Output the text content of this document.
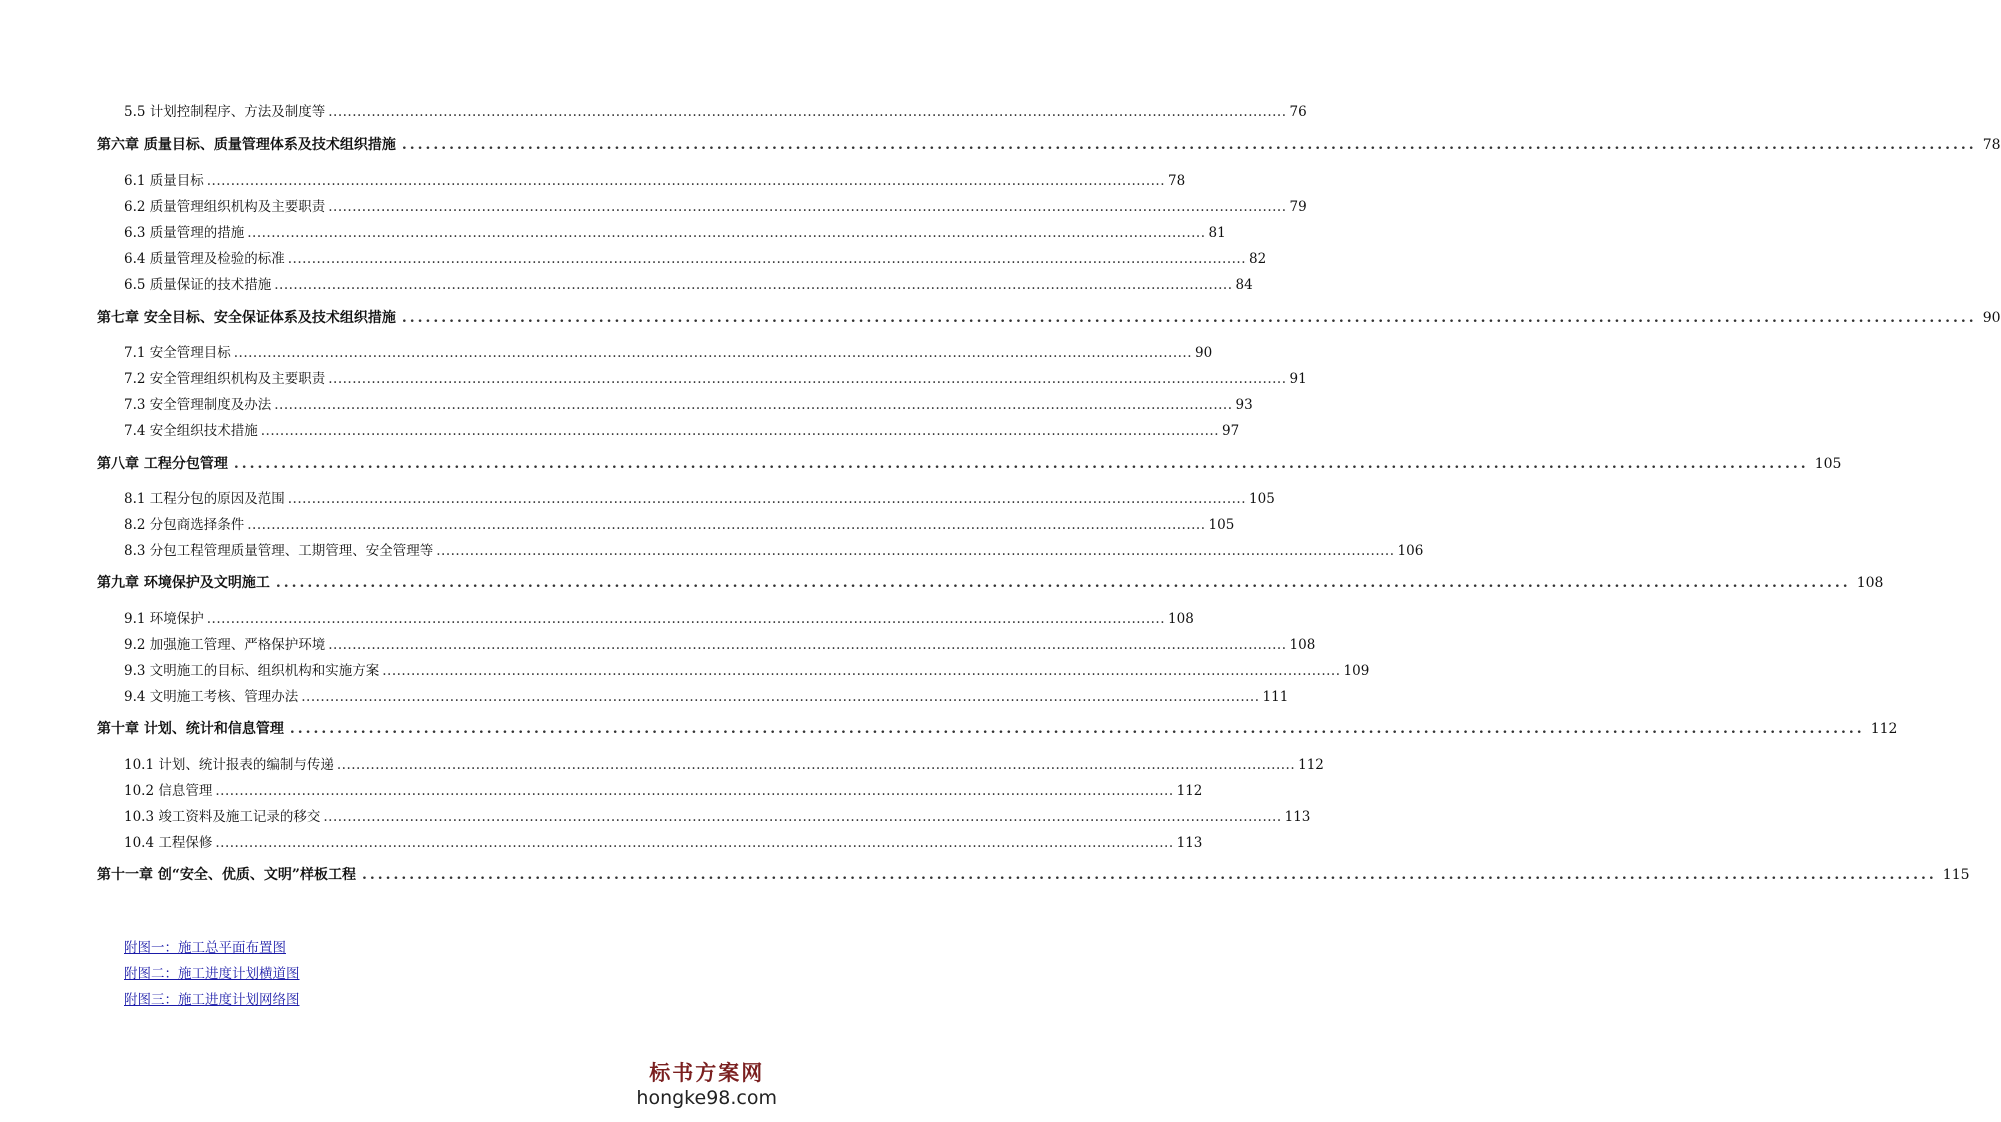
5.5 计划控制程序、方法及制度等 ........................................................................................................................................................................................................ 76
第六章 质量目标、质量管理体系及技术组织措施 ........................................................................................................................................................................................................ 78
6.1 质量目标 ........................................................................................................................................................................................................ 78
6.2 质量管理组织机构及主要职责 ........................................................................................................................................................................................................ 79
6.3 质量管理的措施 ........................................................................................................................................................................................................ 81
6.4 质量管理及检验的标准 ........................................................................................................................................................................................................ 82
6.5 质量保证的技术措施 ........................................................................................................................................................................................................ 84
第七章 安全目标、安全保证体系及技术组织措施 ........................................................................................................................................................................................................ 90
7.1 安全管理目标 ........................................................................................................................................................................................................ 90
7.2 安全管理组织机构及主要职责 ........................................................................................................................................................................................................ 91
7.3 安全管理制度及办法 ........................................................................................................................................................................................................ 93
7.4 安全组织技术措施 ........................................................................................................................................................................................................ 97
第八章 工程分包管理 ........................................................................................................................................................................................................ 105
8.1 工程分包的原因及范围 ........................................................................................................................................................................................................ 105
8.2 分包商选择条件 ........................................................................................................................................................................................................ 105
8.3 分包工程管理质量管理、工期管理、安全管理等 ........................................................................................................................................................................................................ 106
第九章 环境保护及文明施工 ........................................................................................................................................................................................................ 108
9.1 环境保护 ........................................................................................................................................................................................................ 108
9.2 加强施工管理、严格保护环境 ........................................................................................................................................................................................................ 108
9.3 文明施工的目标、组织机构和实施方案 ........................................................................................................................................................................................................ 109
9.4 文明施工考核、管理办法 ........................................................................................................................................................................................................ 111
第十章 计划、统计和信息管理 ........................................................................................................................................................................................................ 112
10.1 计划、统计报表的编制与传递 ........................................................................................................................................................................................................ 112
10.2 信息管理 ........................................................................................................................................................................................................ 112
10.3 竣工资料及施工记录的移交 ........................................................................................................................................................................................................ 113
10.4 工程保修 ........................................................................................................................................................................................................ 113
第十一章 创“安全、优质、文明”样板工程 ........................................................................................................................................................................................................ 115
附图一：施工总平面布置图
附图二：施工进度计划横道图
附图三：施工进度计划网络图
标书方案网
hongke98.com
